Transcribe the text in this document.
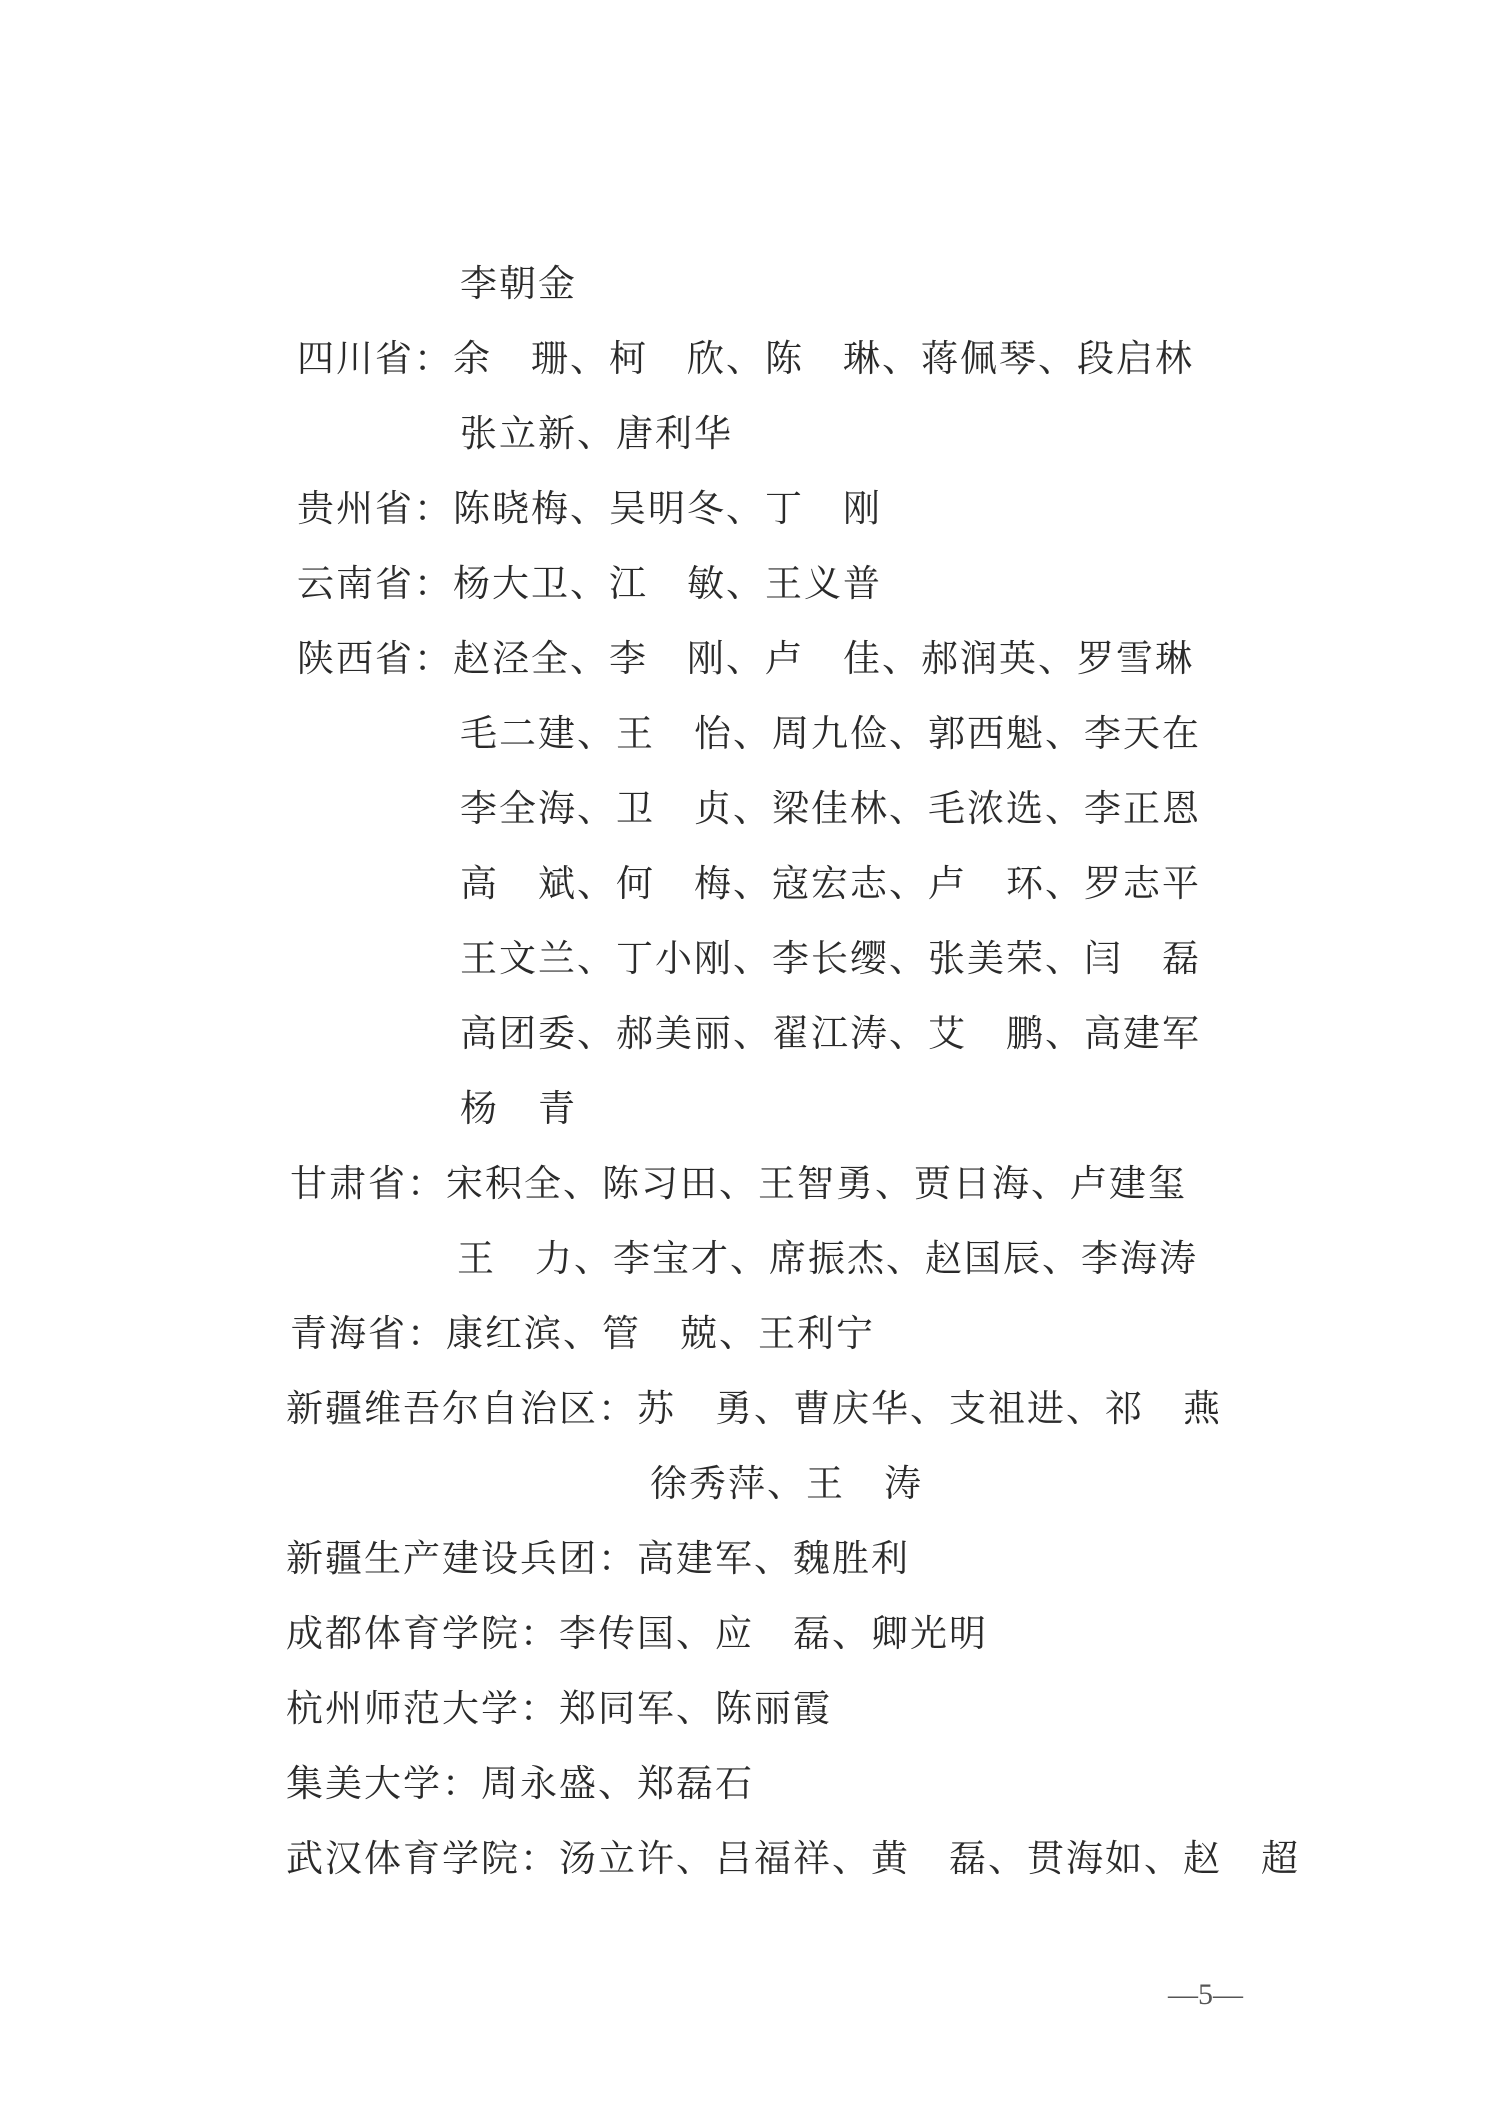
李朝金
四川省：余　珊、柯　欣、陈　琳、蒋佩琴、段启林
张立新、唐利华
贵州省：陈晓梅、吴明冬、丁　刚
云南省：杨大卫、江　敏、王义普
陕西省：赵泾全、李　刚、卢　佳、郝润英、罗雪琳
毛二建、王　怡、周九俭、郭西魁、李天在
李全海、卫　贞、梁佳林、毛浓选、李正恩
高　斌、何　梅、寇宏志、卢　环、罗志平
王文兰、丁小刚、李长缨、张美荣、闫　磊
高团委、郝美丽、翟江涛、艾　鹏、高建军
杨　青
甘肃省：宋积全、陈习田、王智勇、贾日海、卢建玺
王　力、李宝才、席振杰、赵国辰、李海涛
青海省：康红滨、管　兢、王利宁
新疆维吾尔自治区：苏　勇、曹庆华、支祖进、祁　燕
徐秀萍、王　涛
新疆生产建设兵团：高建军、魏胜利
成都体育学院：李传国、应　磊、卿光明
杭州师范大学：郑同军、陈丽霞
集美大学：周永盛、郑磊石
武汉体育学院：汤立许、吕福祥、黄　磊、贯海如、赵　超
—5—
